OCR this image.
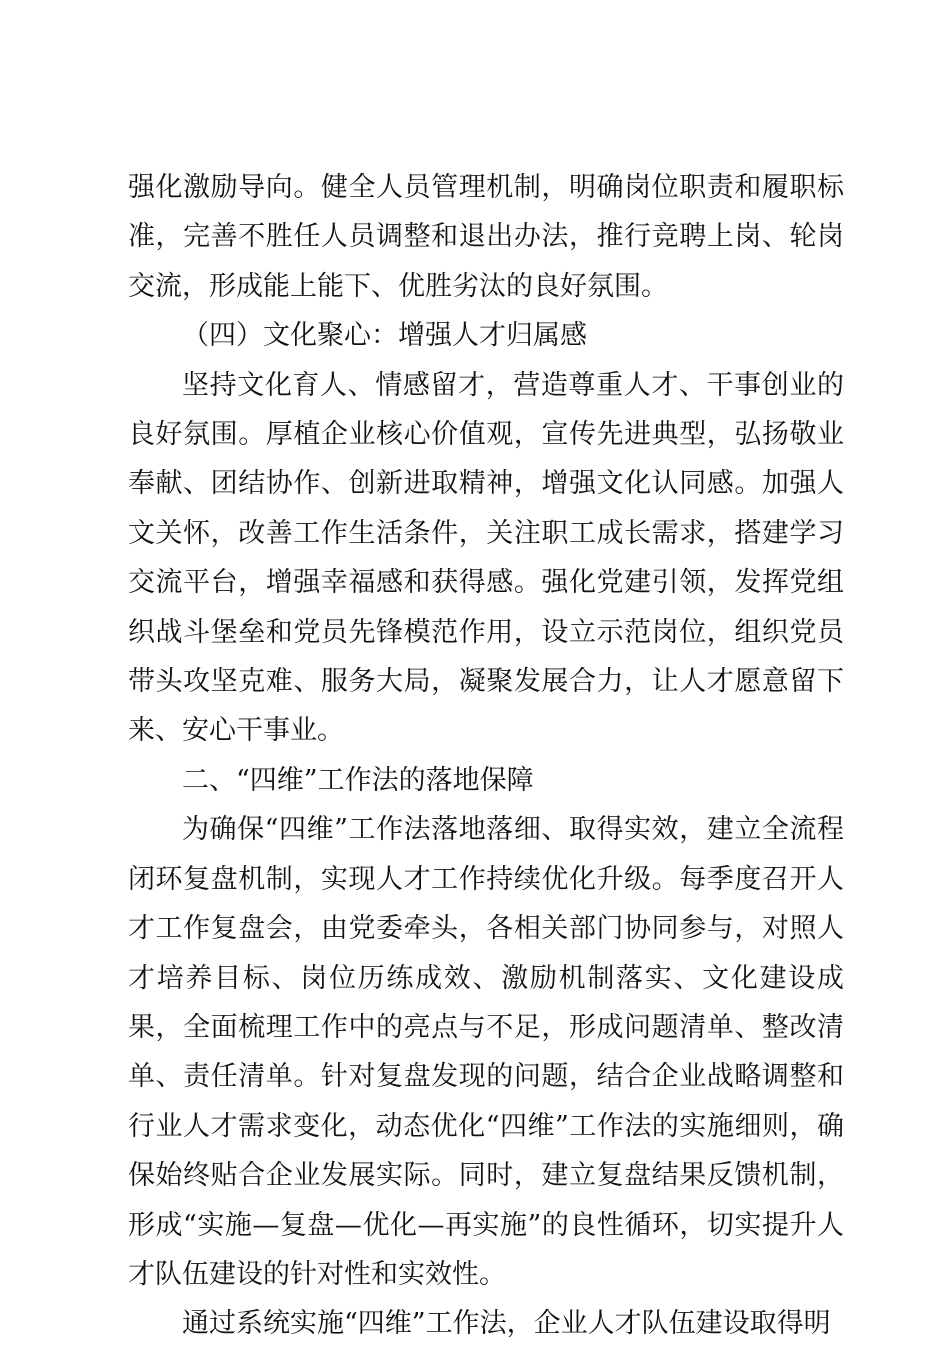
强化激励导向。健全人员管理机制，明确岗位职责和履职标准，完善不胜任人员调整和退出办法，推行竞聘上岗、轮岗交流，形成能上能下、优胜劣汰的良好氛围。

（四）文化聚心：增强人才归属感

坚持文化育人、情感留才，营造尊重人才、干事创业的良好氛围。厚植企业核心价值观，宣传先进典型，弘扬敬业奉献、团结协作、创新进取精神，增强文化认同感。加强人文关怀，改善工作生活条件，关注职工成长需求，搭建学习交流平台，增强幸福感和获得感。强化党建引领，发挥党组织战斗堡垒和党员先锋模范作用，设立示范岗位，组织党员带头攻坚克难、服务大局，凝聚发展合力，让人才愿意留下来、安心干事业。

二、“四维”工作法的落地保障

为确保“四维”工作法落地落细、取得实效，建立全流程闭环复盘机制，实现人才工作持续优化升级。每季度召开人才工作复盘会，由党委牵头，各相关部门协同参与，对照人才培养目标、岗位历练成效、激励机制落实、文化建设成果，全面梳理工作中的亮点与不足，形成问题清单、整改清单、责任清单。针对复盘发现的问题，结合企业战略调整和行业人才需求变化，动态优化“四维”工作法的实施细则，确保始终贴合企业发展实际。同时，建立复盘结果反馈机制，形成“实施—复盘—优化—再实施”的良性循环，切实提升人才队伍建设的针对性和实效性。

通过系统实施“四维”工作法，企业人才队伍建设取得明
